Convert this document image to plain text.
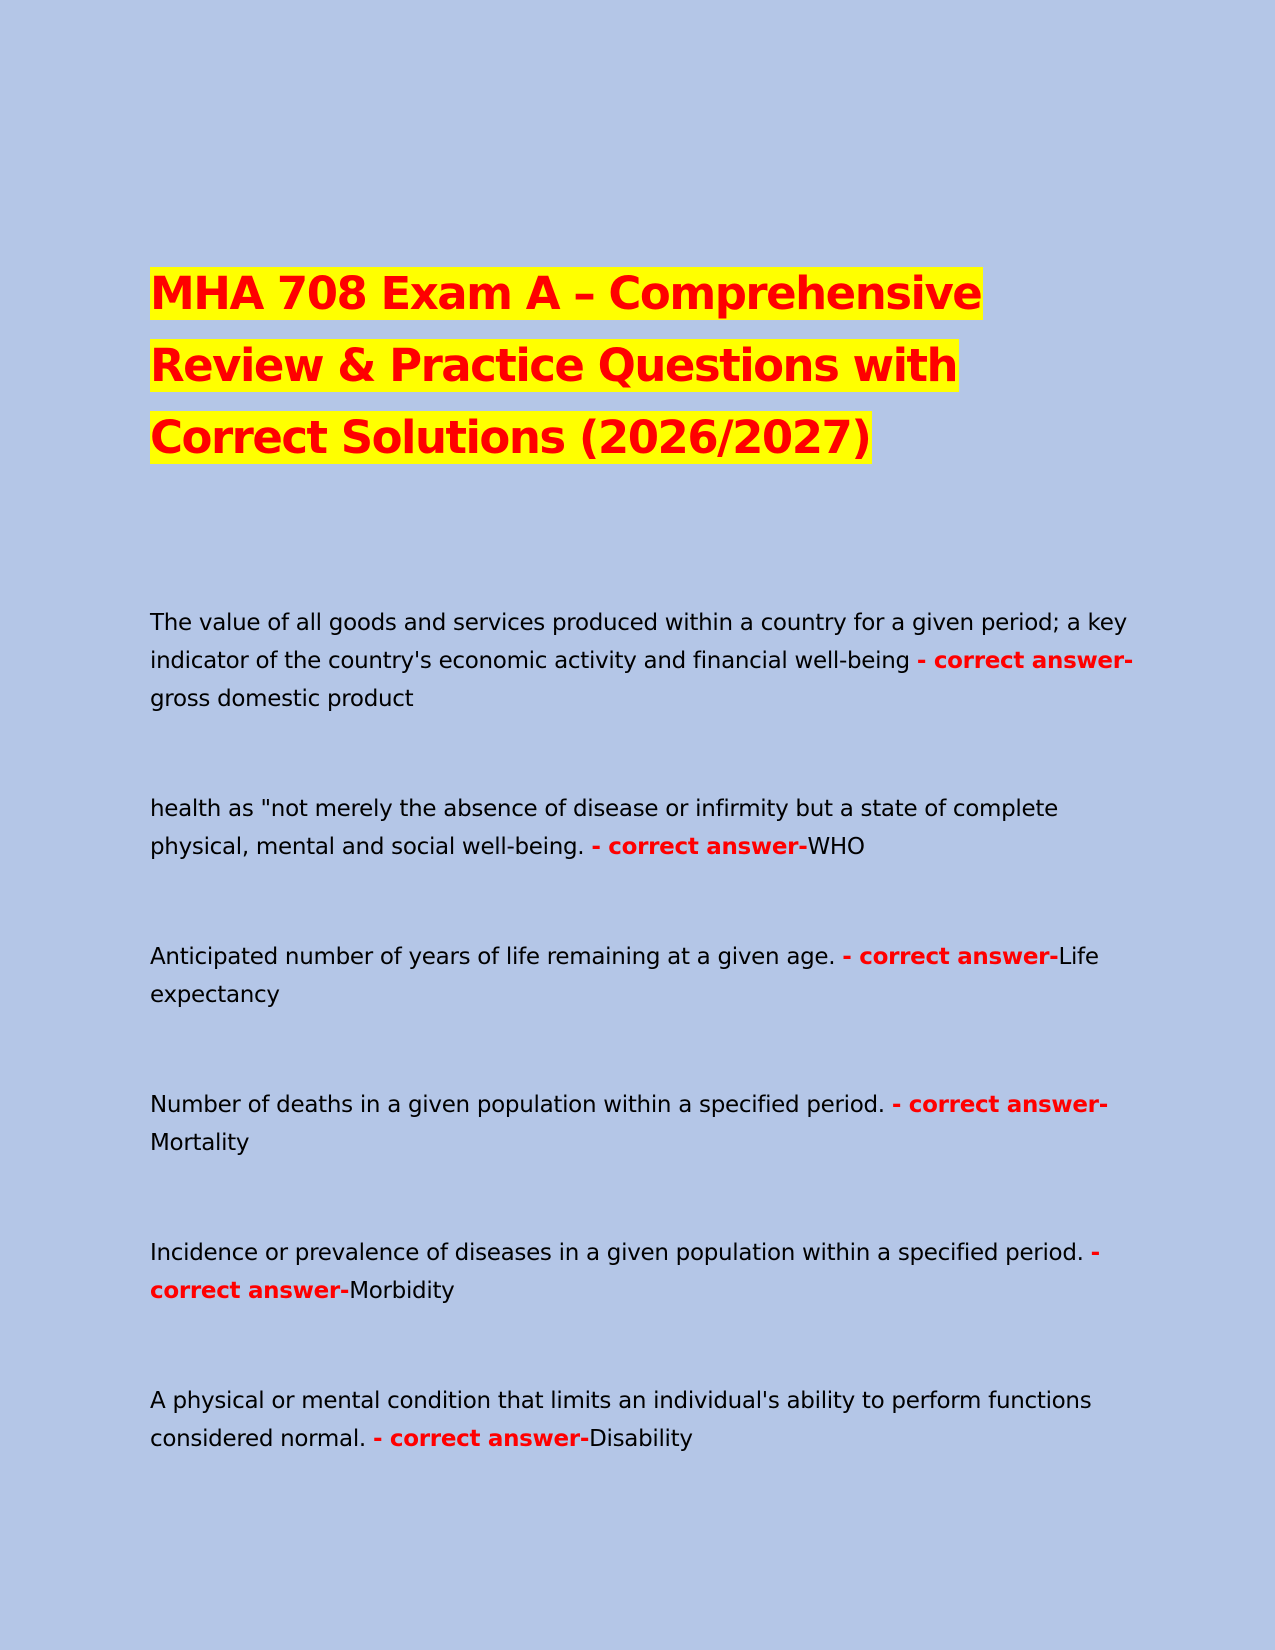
MHA 708 Exam A – Comprehensive Review & Practice Questions with Correct Solutions (2026/2027)

The value of all goods and services produced within a country for a given period; a key indicator of the country's economic activity and financial well-being - correct answer-gross domestic product

health as "not merely the absence of disease or infirmity but a state of complete physical, mental and social well-being. - correct answer-WHO

Anticipated number of years of life remaining at a given age. - correct answer-Life expectancy

Number of deaths in a given population within a specified period. - correct answer-Mortality

Incidence or prevalence of diseases in a given population within a specified period. - correct answer-Morbidity

A physical or mental condition that limits an individual's ability to perform functions considered normal. - correct answer-Disability
